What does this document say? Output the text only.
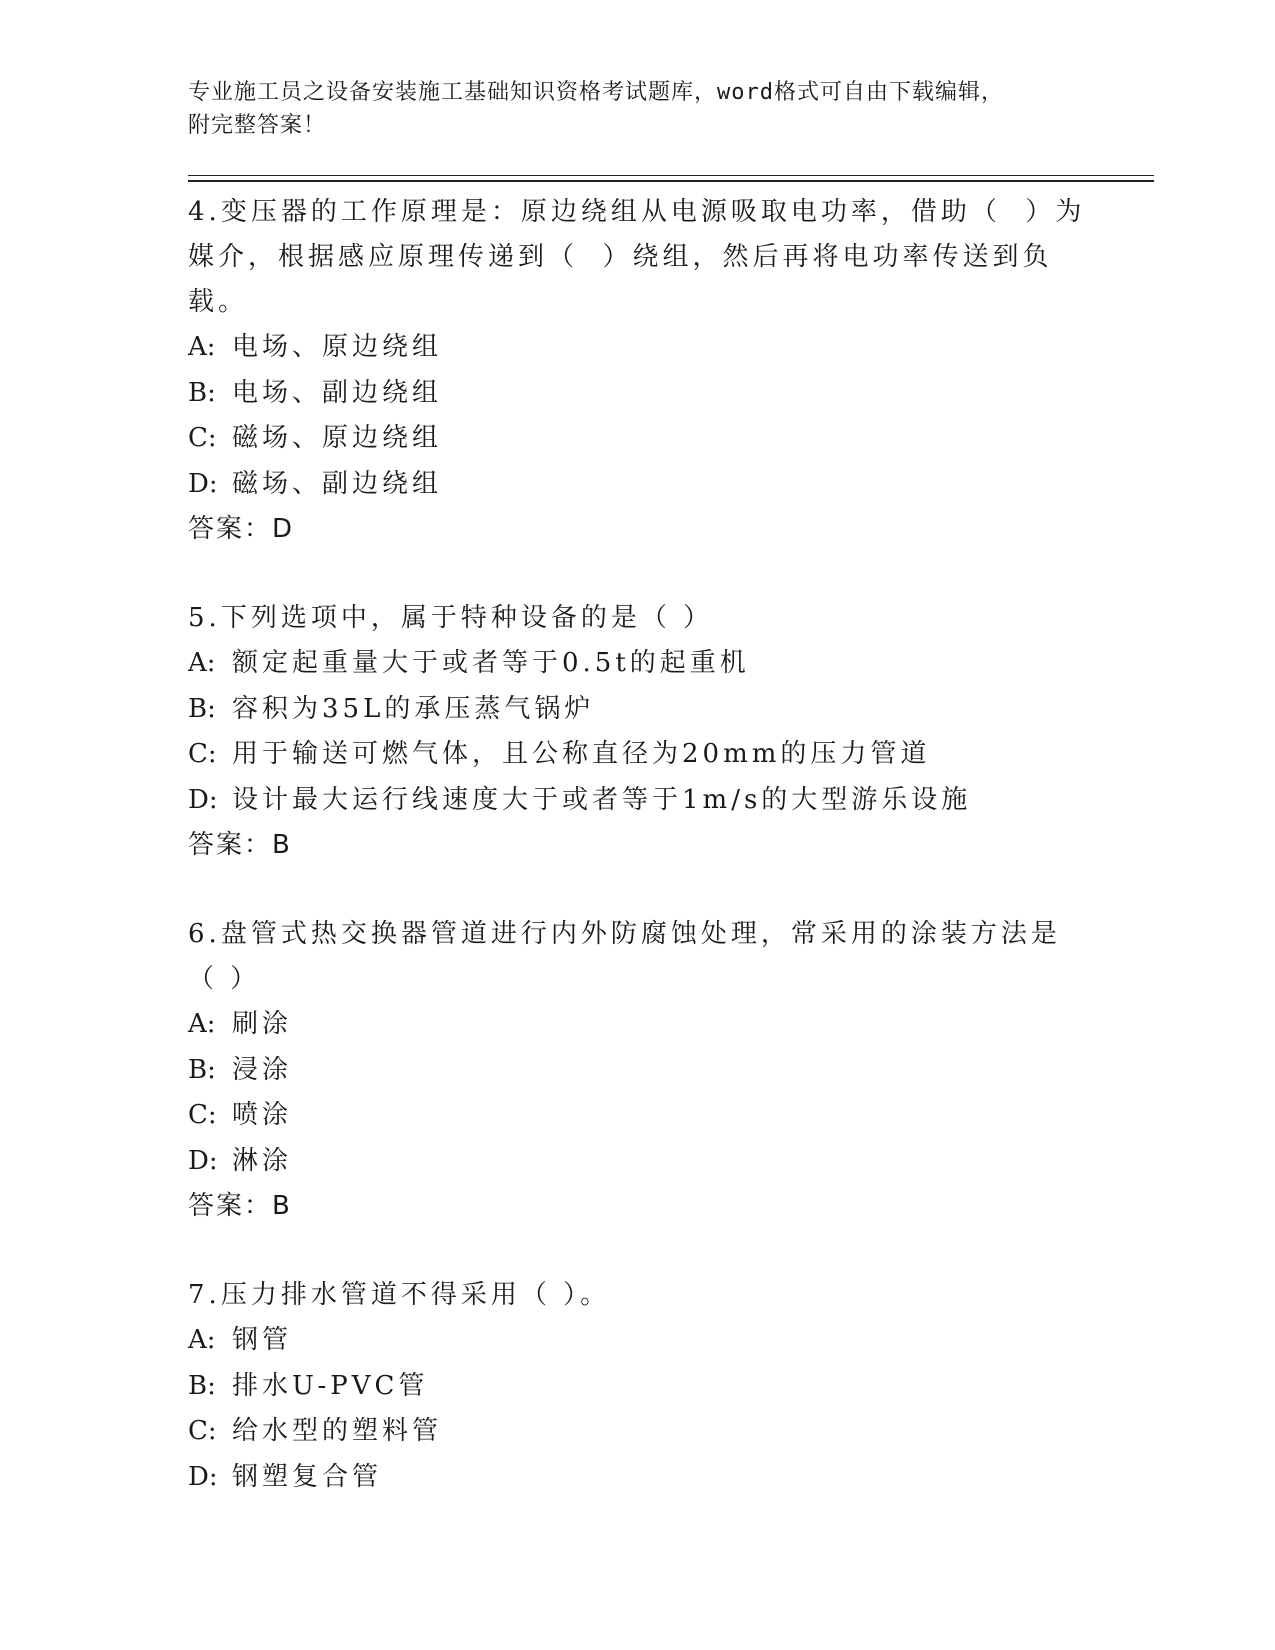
专业施工员之设备安装施工基础知识资格考试题库，word格式可自由下载编辑，
附完整答案！

4.变压器的工作原理是：原边绕组从电源吸取电功率，借助（  ）为媒介，根据感应原理传递到（  ）绕组，然后再将电功率传送到负载。

A: 电场、原边绕组

B: 电场、副边绕组

C: 磁场、原边绕组

D: 磁场、副边绕组

答案：D

5.下列选项中，属于特种设备的是（ ）

A: 额定起重量大于或者等于0.5t的起重机

B: 容积为35L的承压蒸气锅炉

C: 用于输送可燃气体，且公称直径为20mm的压力管道

D: 设计最大运行线速度大于或者等于1m/s的大型游乐设施

答案：B

6.盘管式热交换器管道进行内外防腐蚀处理，常采用的涂装方法是（ ）

A: 刷涂

B: 浸涂

C: 喷涂

D: 淋涂

答案：B

7.压力排水管道不得采用（ ）。

A: 钢管

B: 排水U-PVC管

C: 给水型的塑料管

D: 钢塑复合管
